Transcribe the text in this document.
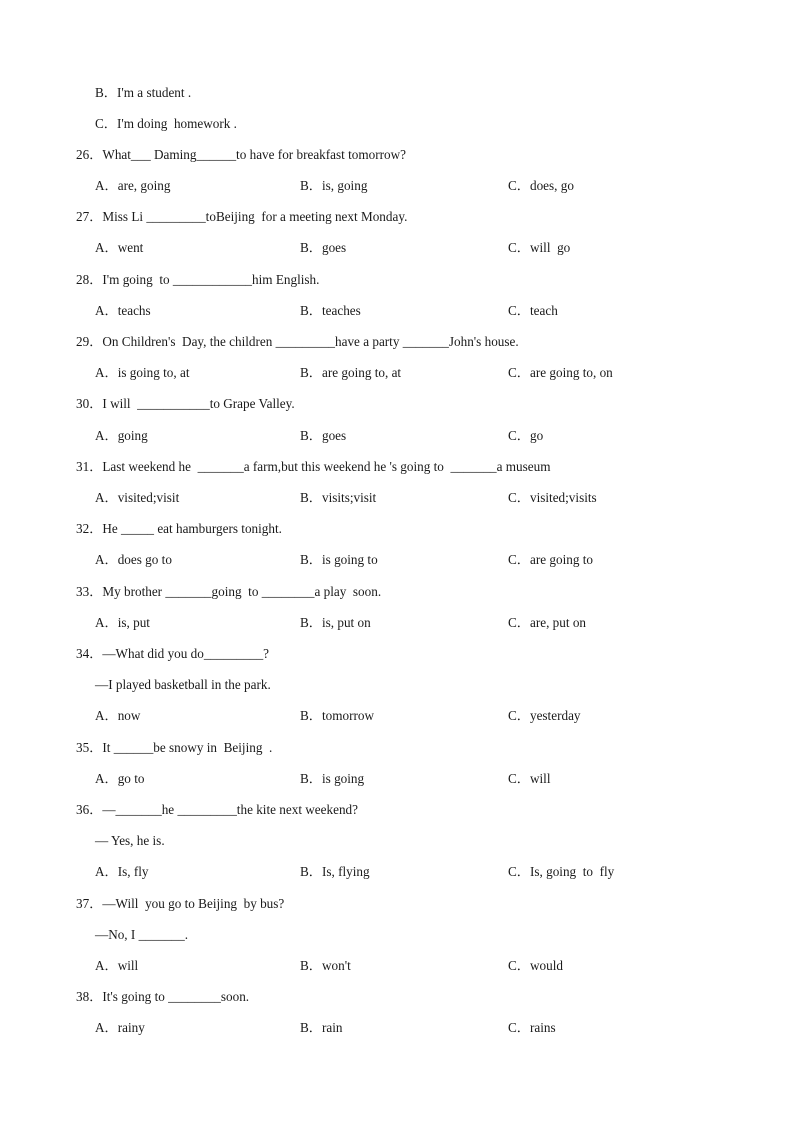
B．I'm a student .
C．I'm doing  homework .
26．What___ Daming______to have for breakfast tomorrow?
A．are, going	B．is, going	C．does, go
27．Miss Li _________toBeijing  for a meeting next Monday.
A．went	B．goes	C．will  go
28．I'm going  to ____________him English.
A．teachs	B．teaches	C．teach
29．On Children's  Day, the children _________have a party _______John's house.
A．is going to, at	B．are going to, at	C．are going to, on
30．I will  ___________to Grape Valley.
A．going	B．goes	C．go
31．Last weekend he  _______a farm,but this weekend he 's going to  _______a museum
A．visited;visit	B．visits;visit	C．visited;visits
32．He _____ eat hamburgers tonight.
A．does go to	B．is going to	C．are going to
33．My brother _______going  to ________a play  soon.
A．is, put	B．is, put on	C．are, put on
34．—What did you do_________?
—I played basketball in the park.
A．now	B．tomorrow	C．yesterday
35．It ______be snowy in  Beijing  .
A．go to	B．is going	C．will
36．—_______he _________the kite next weekend?
— Yes, he is.
A．Is, fly	B．Is, flying	C．Is, going  to  fly
37．—Will  you go to Beijing  by bus?
—No, I _______.
A．will	B．won't	C．would
38．It's going to ________soon.
A．rainy	B．rain	C．rains
